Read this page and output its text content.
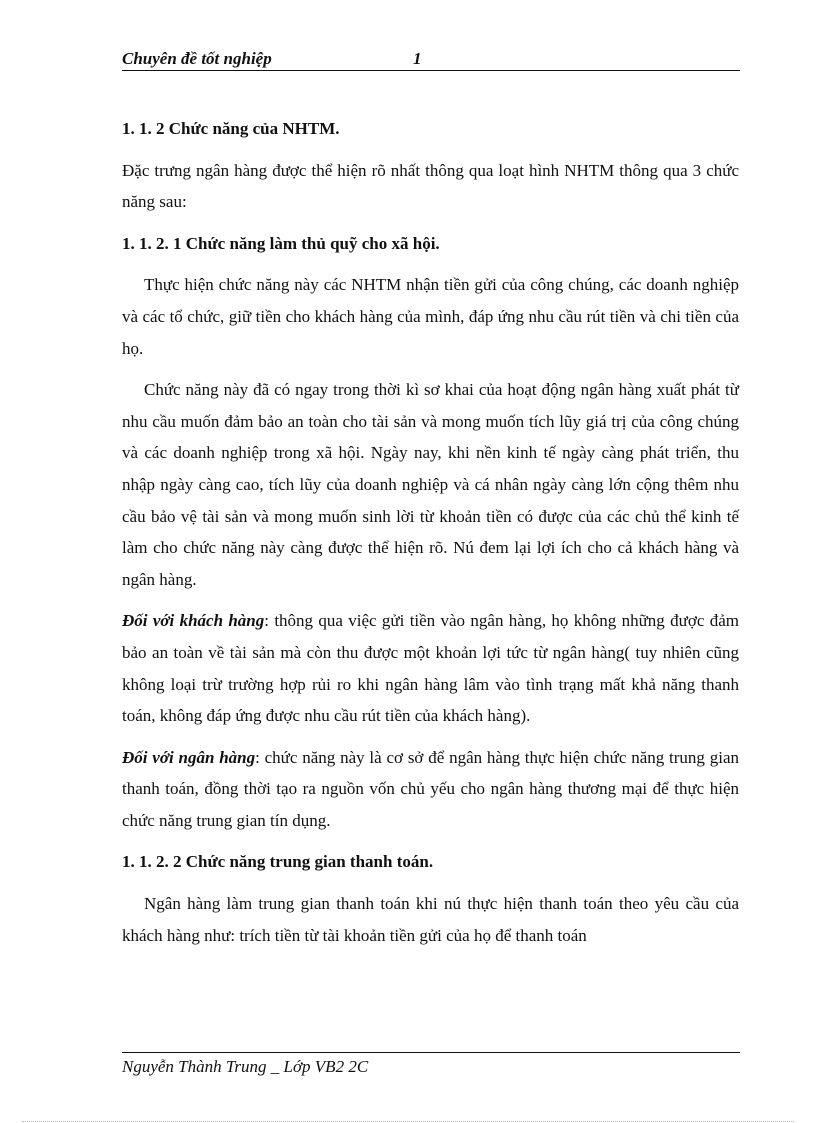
Chuyên đề tốt nghiệp	1

1. 1. 2 Chức năng của NHTM.

Đặc trưng ngân hàng được thể hiện rõ nhất thông qua loạt hình NHTM thông qua 3 chức năng sau:

1. 1. 2. 1 Chức năng làm thủ quỹ cho xã hội.

Thực hiện chức năng này các NHTM nhận tiền gửi của công chúng, các doanh nghiệp và các tổ chức, giữ tiền cho khách hàng của mình, đáp ứng nhu cầu rút tiền và chi tiền của họ.

Chức năng này đã có ngay trong thời kì sơ khai của hoạt động ngân hàng xuất phát từ nhu cầu muốn đảm bảo an toàn cho tài sản và mong muốn tích lũy giá trị của công chúng và các doanh nghiệp trong xã hội. Ngày nay, khi nền kinh tế ngày càng phát triển, thu nhập ngày càng cao, tích lũy của doanh nghiệp và cá nhân ngày càng lớn cộng thêm nhu cầu bảo vệ tài sản và mong muốn sinh lời từ khoản tiền có được của các chủ thể kinh tế làm cho chức năng này càng được thể hiện rõ. Nú đem lại lợi ích cho cả khách hàng và ngân hàng.

Đối với khách hàng: thông qua việc gửi tiền vào ngân hàng, họ không những được đảm bảo an toàn về tài sản mà còn thu được một khoản lợi tức từ ngân hàng( tuy nhiên cũng không loại trừ trường hợp rủi ro khi ngân hàng lâm vào tình trạng mất khả năng thanh toán, không đáp ứng được nhu cầu rút tiền của khách hàng).

Đối với ngân hàng: chức năng này là cơ sở để ngân hàng thực hiện chức năng trung gian thanh toán, đồng thời tạo ra nguồn vốn chủ yếu cho ngân hàng thương mại để thực hiện chức năng trung gian tín dụng.

1. 1. 2. 2 Chức năng trung gian thanh toán.

Ngân hàng làm trung gian thanh toán khi nú thực hiện thanh toán theo yêu cầu của khách hàng như: trích tiền từ tài khoản tiền gửi của họ để thanh toán

Nguyễn Thành Trung _ Lớp VB2 2C
